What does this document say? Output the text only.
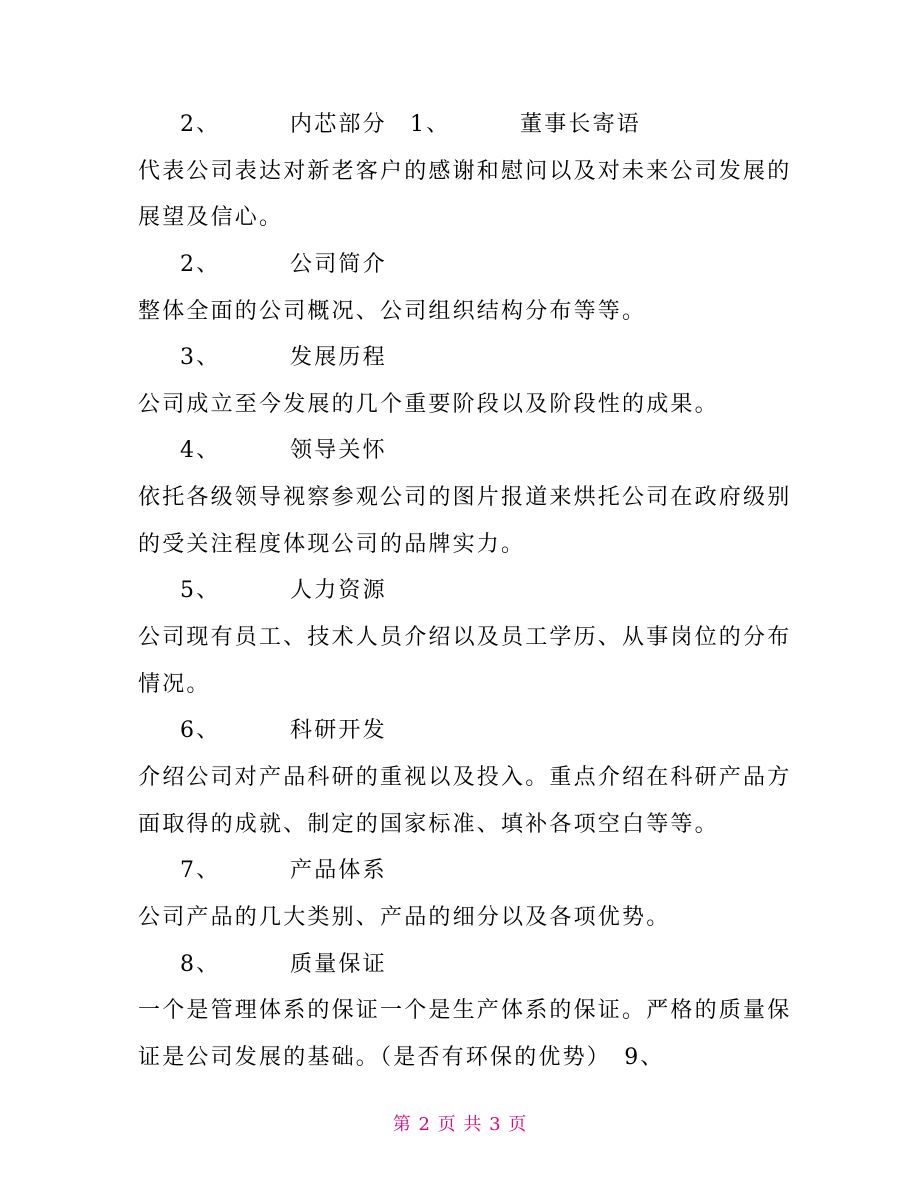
2、	内芯部分 1、	董事长寄语
代表公司表达对新老客户的感谢和慰问以及对未来公司发展的
展望及信心。
2、	公司简介
整体全面的公司概况、公司组织结构分布等等。
3、	发展历程
公司成立至今发展的几个重要阶段以及阶段性的成果。
4、	领导关怀
依托各级领导视察参观公司的图片报道来烘托公司在政府级别
的受关注程度体现公司的品牌实力。
5、	人力资源
公司现有员工、技术人员介绍以及员工学历、从事岗位的分布
情况。
6、	科研开发
介绍公司对产品科研的重视以及投入。重点介绍在科研产品方
面取得的成就、制定的国家标准、填补各项空白等等。
7、	产品体系
公司产品的几大类别、产品的细分以及各项优势。
8、	质量保证
一个是管理体系的保证一个是生产体系的保证。严格的质量保
证是公司发展的基础。（是否有环保的优势）　9、
第 2 页 共 3 页
